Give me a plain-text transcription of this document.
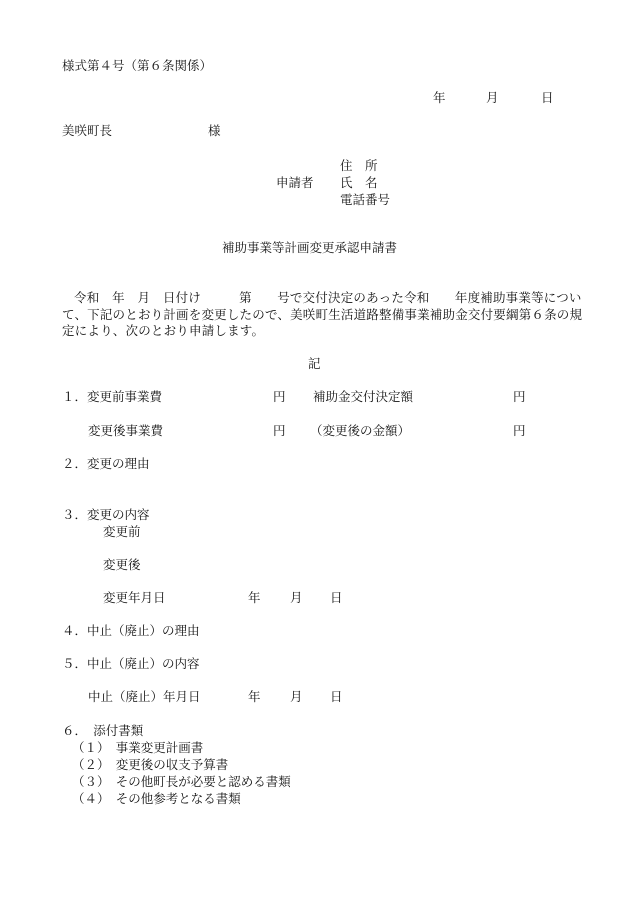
様式第４号（第６条関係）
年	月	日
美咲町長	様
住　所
申請者 氏　名
電話番号
補助事業等計画変更承認申請書
令和　年　月　日付け　　　第　　号で交付決定のあった令和　　年度補助事業等について、下記のとおり計画を変更したので、美咲町生活道路整備事業補助金交付要綱第６条の規定により、次のとおり申請します。
記
１．変更前事業費	円 補助金交付決定額	円
変更後事業費	円 （変更後の金額）	円
２．変更の理由
３．変更の内容
変更前
変更後
変更年月日	年 月 日
４．中止（廃止）の理由
５．中止（廃止）の内容
中止（廃止）年月日	年 月 日
６．　添付書類
（１）　事業変更計画書
（２）　変更後の収支予算書
（３）　その他町長が必要と認める書類
（４）　その他参考となる書類
